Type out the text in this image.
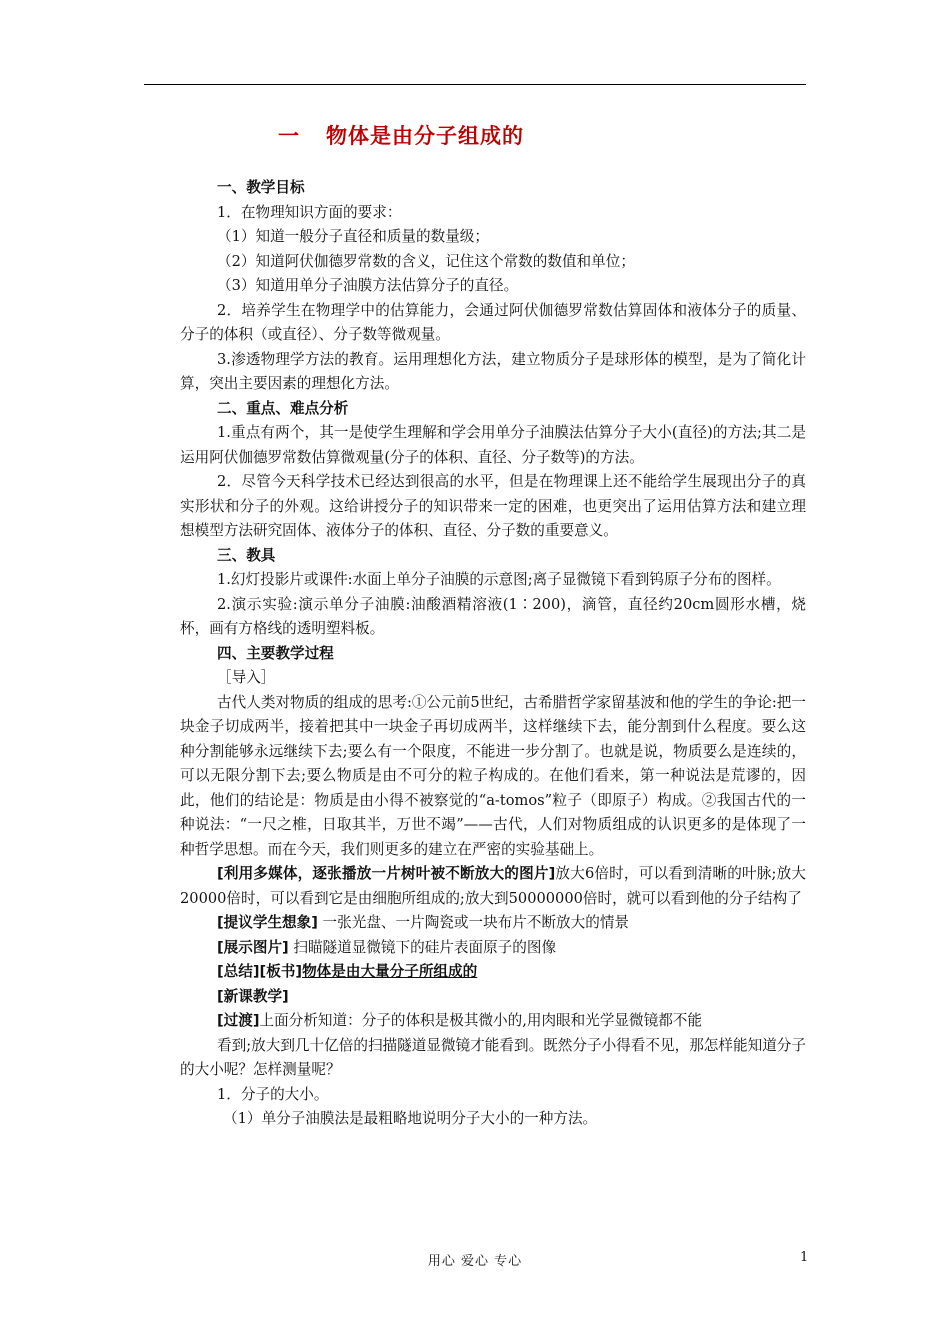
一 物体是由分子组成的

一、教学目标

1．在物理知识方面的要求：

（1）知道一般分子直径和质量的数量级；

（2）知道阿伏伽德罗常数的含义，记住这个常数的数值和单位；

（3）知道用单分子油膜方法估算分子的直径。

2．培养学生在物理学中的估算能力，会通过阿伏伽德罗常数估算固体和液体分子的质量、分子的体积（或直径）、分子数等微观量。

3.渗透物理学方法的教育。运用理想化方法，建立物质分子是球形体的模型，是为了简化计算，突出主要因素的理想化方法。

二、重点、难点分析

1.重点有两个，其一是使学生理解和学会用单分子油膜法估算分子大小(直径)的方法;其二是运用阿伏伽德罗常数估算微观量(分子的体积、直径、分子数等)的方法。

2．尽管今天科学技术已经达到很高的水平，但是在物理课上还不能给学生展现出分子的真实形状和分子的外观。这给讲授分子的知识带来一定的困难，也更突出了运用估算方法和建立理想模型方法研究固体、液体分子的体积、直径、分子数的重要意义。

三、教具

1.幻灯投影片或课件:水面上单分子油膜的示意图;离子显微镜下看到钨原子分布的图样。

2.演示实验:演示单分子油膜:油酸酒精溶液(1∶200)，滴管，直径约20cm圆形水槽，烧杯，画有方格线的透明塑料板。

四、主要教学过程

［导入］

古代人类对物质的组成的思考:①公元前5世纪，古希腊哲学家留基波和他的学生的争论:把一块金子切成两半，接着把其中一块金子再切成两半，这样继续下去，能分割到什么程度。要么这种分割能够永远继续下去;要么有一个限度，不能进一步分割了。也就是说，物质要么是连续的，可以无限分割下去;要么物质是由不可分的粒子构成的。在他们看来，第一种说法是荒谬的，因此，他们的结论是：物质是由小得不被察觉的“a-tomos”粒子（即原子）构成。②我国古代的一种说法：“一尺之椎，日取其半，万世不竭”——古代，人们对物质组成的认识更多的是体现了一种哲学思想。而在今天，我们则更多的建立在严密的实验基础上。

[利用多媒体，逐张播放一片树叶被不断放大的图片]放大6倍时，可以看到清晰的叶脉;放大20000倍时，可以看到它是由细胞所组成的;放大到50000000倍时，就可以看到他的分子结构了

[提议学生想象] 一张光盘、一片陶瓷或一块布片不断放大的情景

[展示图片] 扫瞄隧道显微镜下的硅片表面原子的图像

[总结][板书]物体是由大量分子所组成的

[新课教学]

[过渡]上面分析知道：分子的体积是极其微小的,用肉眼和光学显微镜都不能

看到;放大到几十亿倍的扫描隧道显微镜才能看到。既然分子小得看不见，那怎样能知道分子的大小呢？怎样测量呢？

1．分子的大小。

（1）单分子油膜法是最粗略地说明分子大小的一种方法。

用心 爱心 专心	1
